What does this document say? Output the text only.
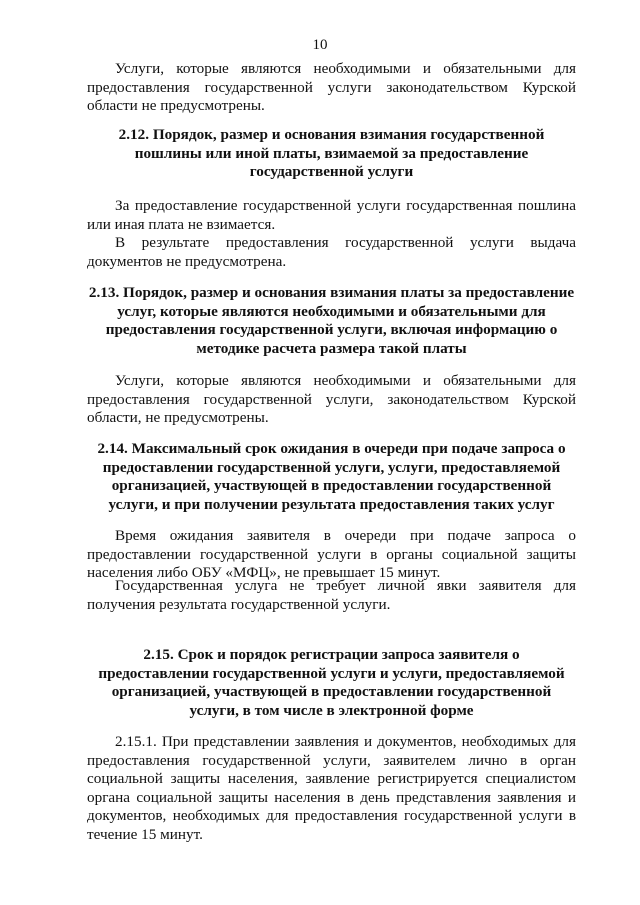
10

Услуги, которые являются необходимыми и обязательными для предоставления государственной услуги законодательством Курской области не предусмотрены.

2.12. Порядок, размер и основания взимания государственной пошлины или иной платы, взимаемой за предоставление государственной услуги

За предоставление государственной услуги государственная пошлина или иная плата не взимается.

В результате предоставления государственной услуги выдача документов не предусмотрена.

2.13. Порядок, размер и основания взимания платы за предоставление услуг, которые являются необходимыми и обязательными для предоставления государственной услуги, включая информацию о методике расчета размера такой платы

Услуги, которые являются необходимыми и обязательными для предоставления государственной услуги, законодательством Курской области, не предусмотрены.

2.14. Максимальный срок ожидания в очереди при подаче запроса о предоставлении государственной услуги, услуги, предоставляемой организацией, участвующей в предоставлении государственной услуги, и при получении результата предоставления таких услуг

Время ожидания заявителя в очереди при подаче запроса о предоставлении государственной услуги в органы социальной защиты населения либо ОБУ «МФЦ», не превышает 15 минут.

Государственная услуга не требует личной явки заявителя для получения результата государственной услуги.

2.15. Срок и порядок регистрации запроса заявителя о предоставлении государственной услуги и услуги, предоставляемой организацией, участвующей в предоставлении государственной услуги, в том числе в электронной форме

2.15.1. При представлении заявления и документов, необходимых для предоставления государственной услуги, заявителем лично в орган социальной защиты населения, заявление регистрируется специалистом органа социальной защиты населения в день представления заявления и документов, необходимых для предоставления государственной услуги в течение 15 минут.
